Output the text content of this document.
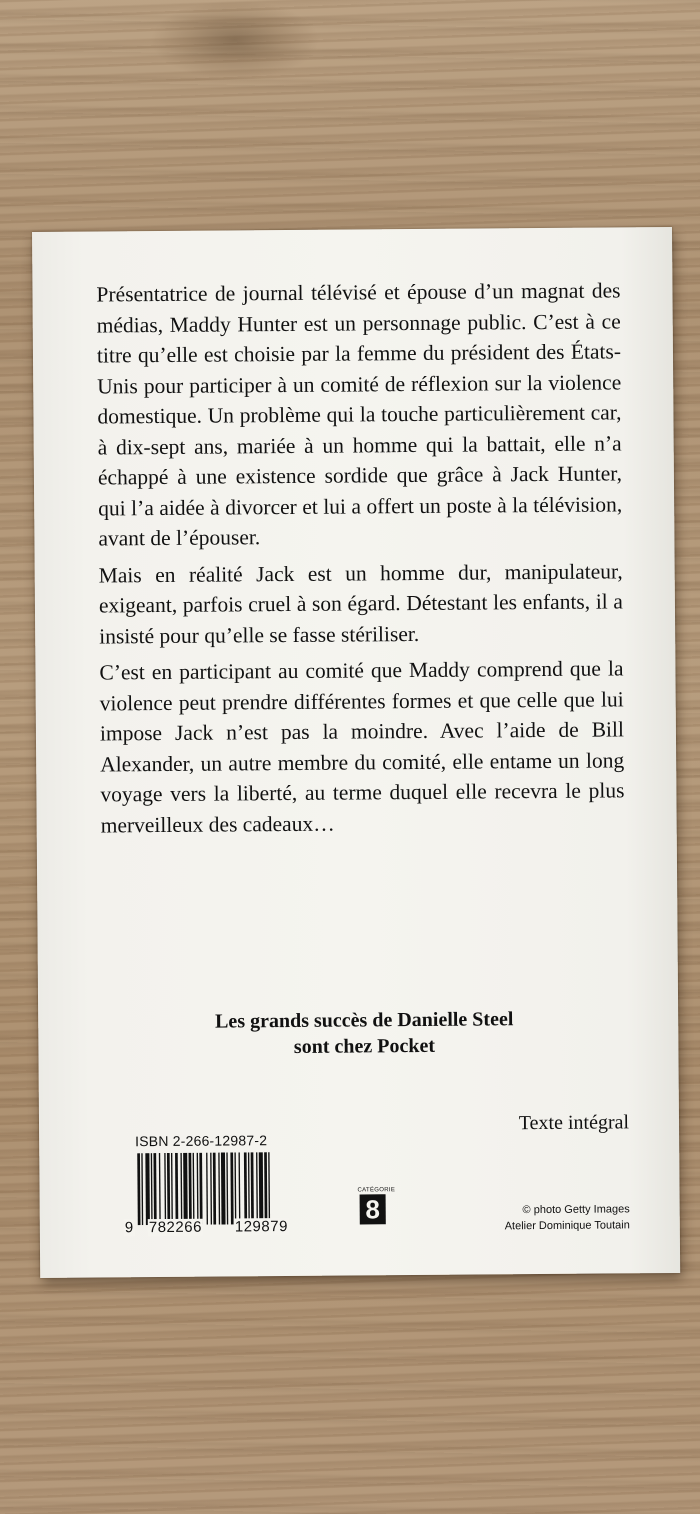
Présentatrice de journal télévisé et épouse d’un magnat des médias, Maddy Hunter est un personnage public. C’est à ce titre qu’elle est choisie par la femme du président des États-Unis pour participer à un comité de réflexion sur la violence domestique. Un problème qui la touche particulièrement car, à dix-sept ans, mariée à un homme qui la battait, elle n’a échappé à une existence sordide que grâce à Jack Hunter, qui l’a aidée à divorcer et lui a offert un poste à la télévision, avant de l’épouser.

Mais en réalité Jack est un homme dur, manipulateur, exigeant, parfois cruel à son égard. Détestant les enfants, il a insisté pour qu’elle se fasse stériliser.

C’est en participant au comité que Maddy comprend que la violence peut prendre différentes formes et que celle que lui impose Jack n’est pas la moindre. Avec l’aide de Bill Alexander, un autre membre du comité, elle entame un long voyage vers la liberté, au terme duquel elle recevra le plus merveilleux des cadeaux…

Les grands succès de Danielle Steel
sont chez Pocket
Texte intégral
ISBN 2-266-12987-2
9 782266 129879
CATÉGORIE
8	© photo Getty Images
Atelier Dominique Toutain
